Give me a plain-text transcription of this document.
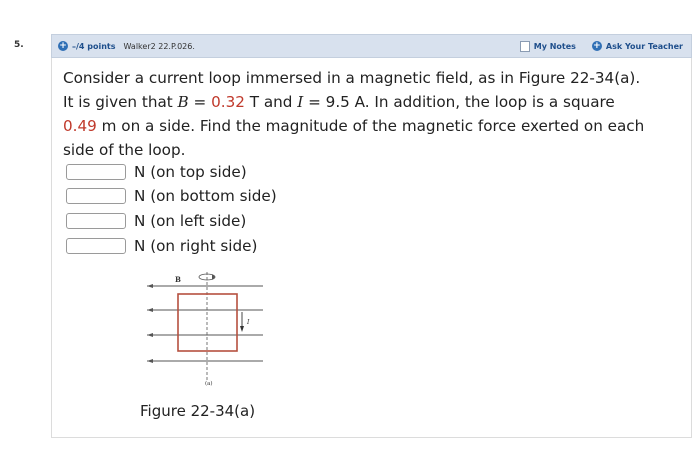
5.	+ –/4 points Walker2 22.P.026.	My Notes + Ask Your Teacher
Consider a current loop immersed in a magnetic field, as in Figure 22-34(a).
It is given that B = 0.32 T and I = 9.5 A. In addition, the loop is a square
0.49 m on a side. Find the magnitude of the magnetic force exerted on each
side of the loop.
N (on top side)
N (on bottom side)
N (on left side)
N (on right side)
B
I
(a)
Figure 22-34(a)
